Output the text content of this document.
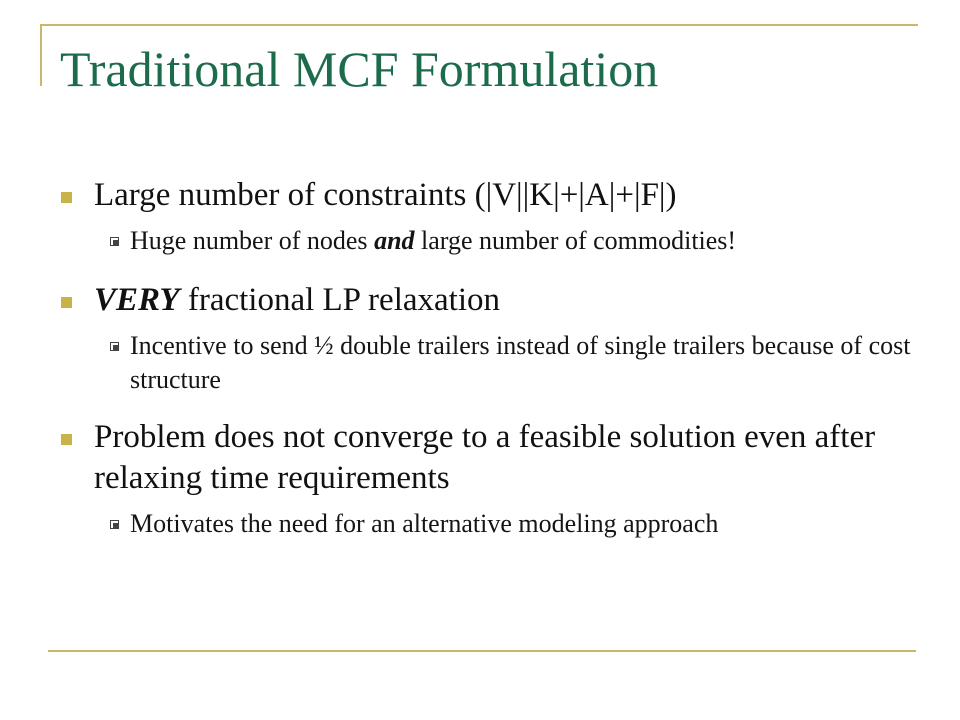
Traditional MCF Formulation
Large number of constraints (|V||K|+|A|+|F|)
Huge number of nodes and large number of commodities!
VERY fractional LP relaxation
Incentive to send ½ double trailers instead of single trailers because of cost structure
Problem does not converge to a feasible solution even after relaxing time requirements
Motivates the need for an alternative modeling approach
